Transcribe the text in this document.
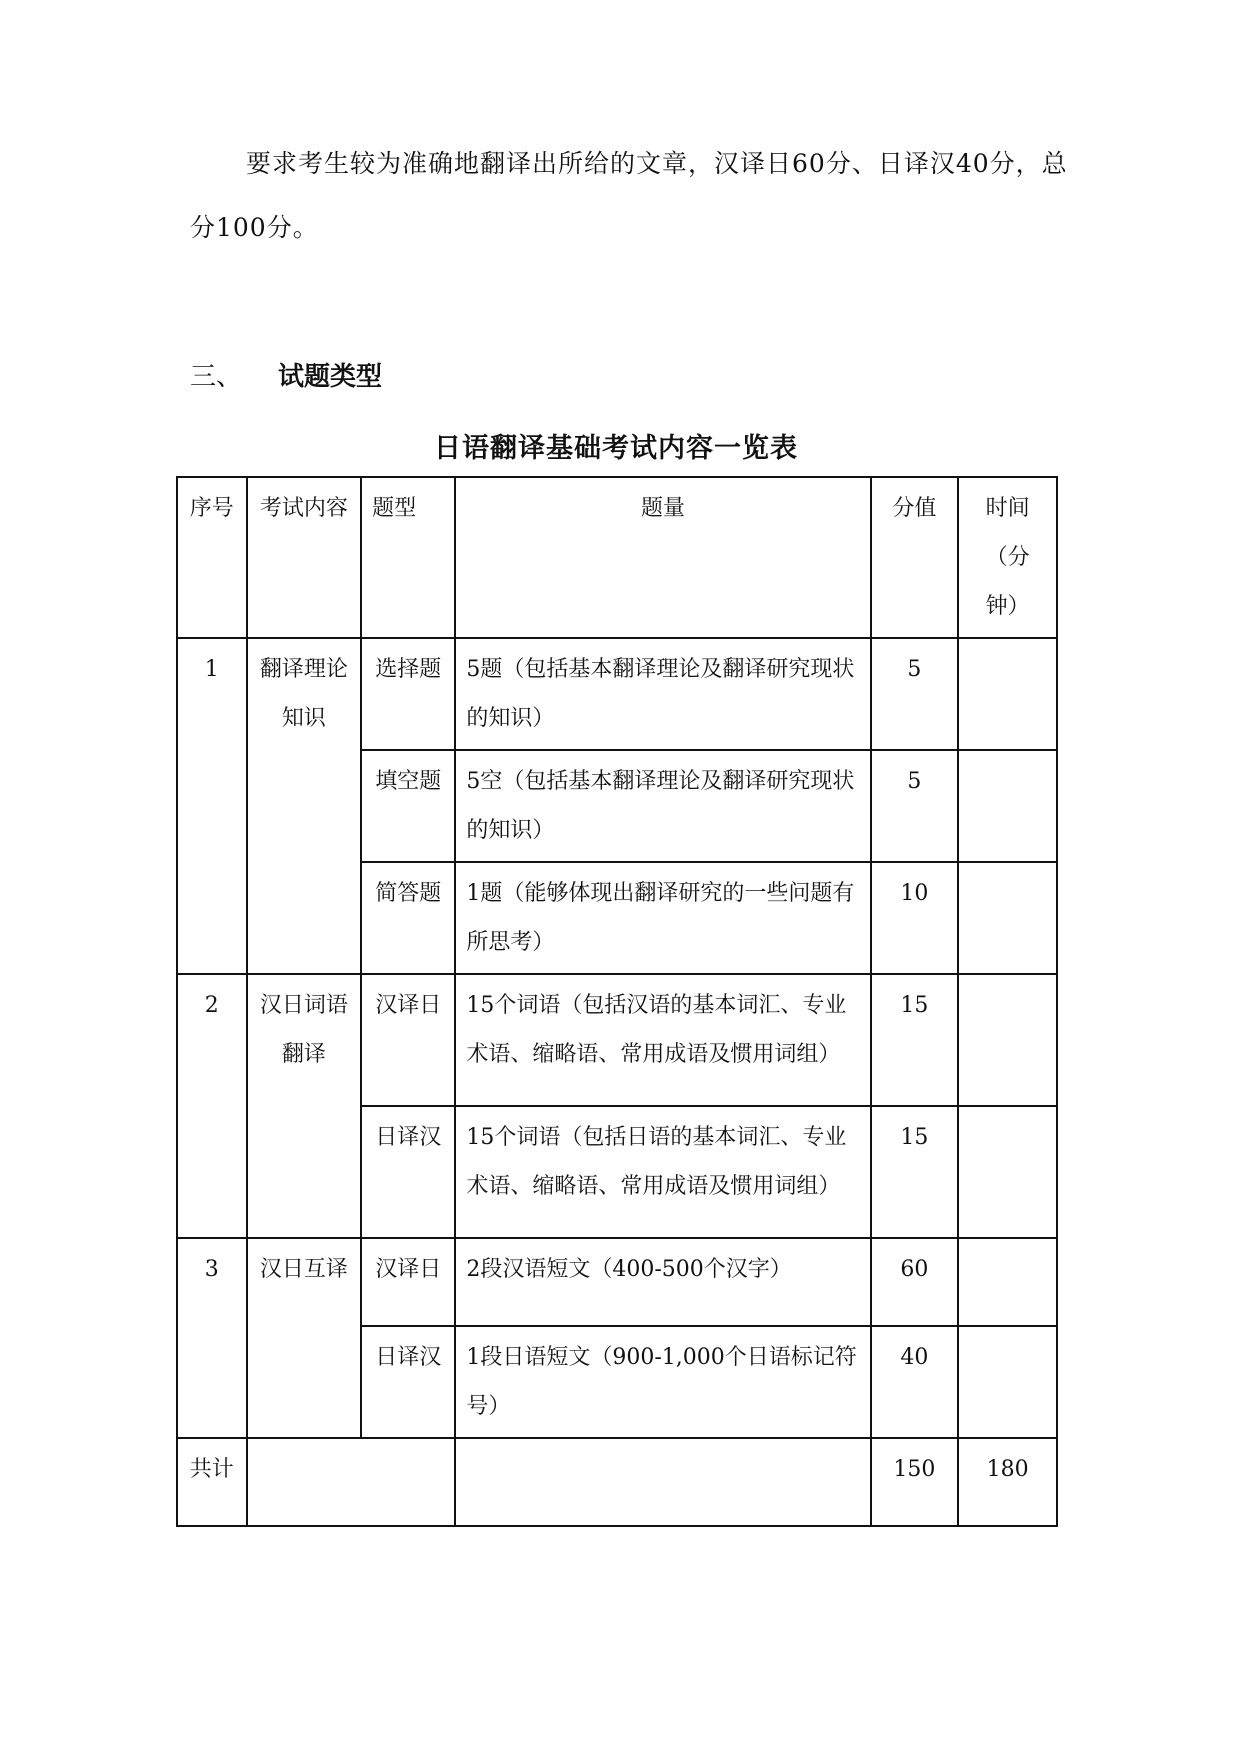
要求考生较为准确地翻译出所给的文章，汉译日60分、日译汉40分，总分100分。

三、 试题类型
日语翻译基础考试内容一览表
序号	考试内容	题型	题量	分值	时间（分钟）
1	翻译理论知识	选择题	5题（包括基本翻译理论及翻译研究现状的知识）	5	
		填空题	5空（包括基本翻译理论及翻译研究现状的知识）	5	
		简答题	1题（能够体现出翻译研究的一些问题有所思考）	10	
2	汉日词语翻译	汉译日	15个词语（包括汉语的基本词汇、专业术语、缩略语、常用成语及惯用词组）	15	
		日译汉	15个词语（包括日语的基本词汇、专业术语、缩略语、常用成语及惯用词组）	15	
3	汉日互译	汉译日	2段汉语短文（400-500个汉字）	60	
		日译汉	1段日语短文（900-1,000个日语标记符号）	40	
共计				150	180
